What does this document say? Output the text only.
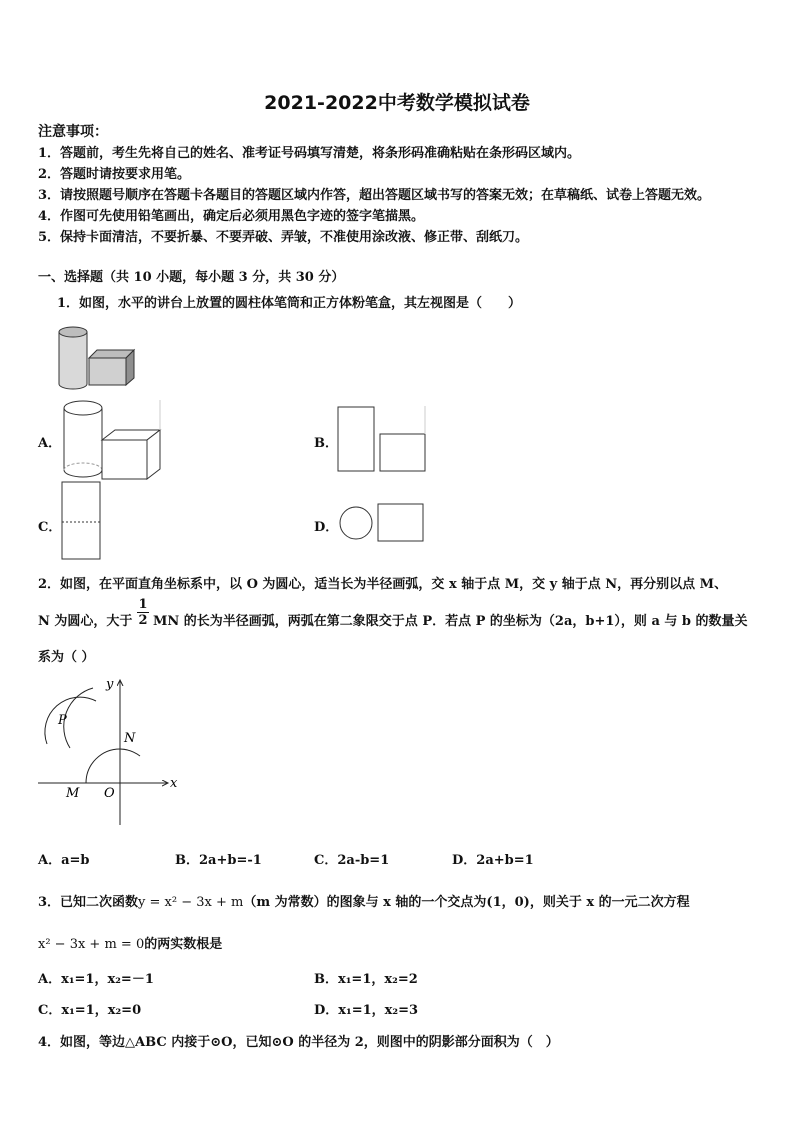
2021-2022中考数学模拟试卷
注意事项：
1．答题前，考生先将自己的姓名、准考证号码填写清楚，将条形码准确粘贴在条形码区域内。
2．答题时请按要求用笔。
3．请按照题号顺序在答题卡各题目的答题区域内作答，超出答题区域书写的答案无效；在草稿纸、试卷上答题无效。
4．作图可先使用铅笔画出，确定后必须用黑色字迹的签字笔描黑。
5．保持卡面清洁，不要折暴、不要弄破、弄皱，不准使用涂改液、修正带、刮纸刀。
一、选择题（共 10 小题，每小题 3 分，共 30 分）
1．如图，水平的讲台上放置的圆柱体笔筒和正方体粉笔盒，其左视图是（　　）
A．	B．
C．	D．
2．如图，在平面直角坐标系中，以 O 为圆心，适当长为半径画弧，交 x 轴于点 M，交 y 轴于点 N，再分别以点 M、
N 为圆心，大于
1
2 MN 的长为半径画弧，两弧在第二象限交于点 P．若点 P 的坐标为（2a，b+1），则 a 与 b 的数量关
系为（ ）
y
x
P
N
M O
A．a=b	B．2a+b=-1	C．2a-b=1	D．2a+b=1
3．已知二次函数y = x² − 3x + m（m 为常数）的图象与 x 轴的一个交点为(1，0)，则关于 x 的一元二次方程
x² − 3x + m = 0的两实数根是
A．x₁=1，x₂=－1	B．x₁=1，x₂=2
C．x₁=1，x₂=0	D．x₁=1，x₂=3
4．如图，等边△ABC 内接于⊙O，已知⊙O 的半径为 2，则图中的阴影部分面积为（　）
